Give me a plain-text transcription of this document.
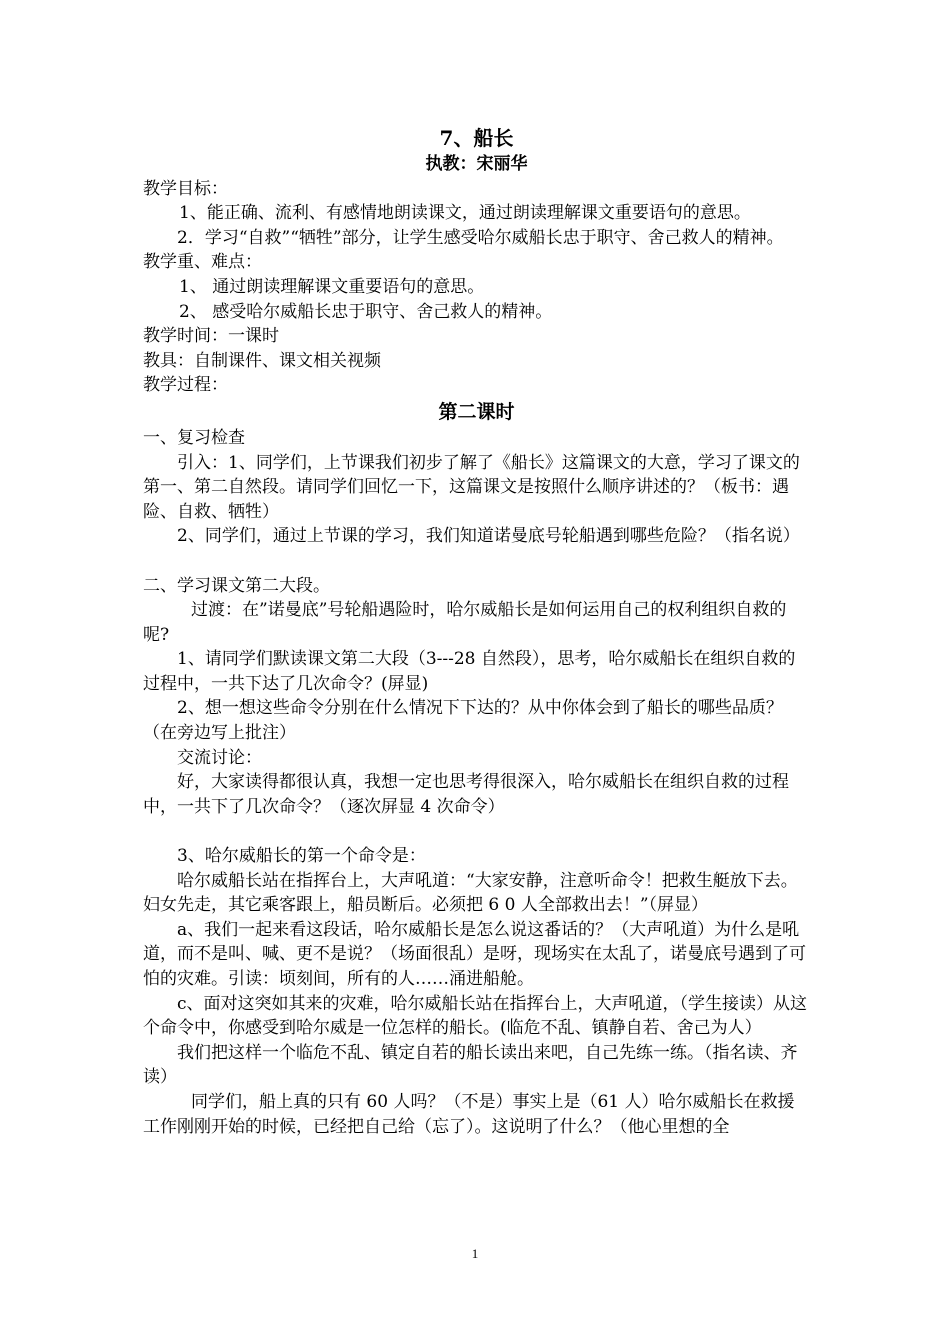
7、船长

执教：宋丽华

教学目标：

1、能正确、流利、有感情地朗读课文，通过朗读理解课文重要语句的意思。

2．学习“自救”“牺牲”部分，让学生感受哈尔威船长忠于职守、舍己救人的精神。

教学重、难点：

1、 通过朗读理解课文重要语句的意思。

2、 感受哈尔威船长忠于职守、舍己救人的精神。

教学时间：一课时

教具：自制课件、课文相关视频

教学过程：

第二课时

一、复习检查

引入：1、同学们，上节课我们初步了解了《船长》这篇课文的大意，学习了课文的第一、第二自然段。请同学们回忆一下，这篇课文是按照什么顺序讲述的？（板书：遇险、自救、牺牲）

2、同学们，通过上节课的学习，我们知道诺曼底号轮船遇到哪些危险？（指名说）

二、学习课文第二大段。

过渡：在”诺曼底”号轮船遇险时，哈尔威船长是如何运用自己的权利组织自救的呢?

1、请同学们默读课文第二大段（3---28 自然段），思考，哈尔威船长在组织自救的过程中，一共下达了几次命令？(屏显)

2、想一想这些命令分别在什么情况下下达的？从中你体会到了船长的哪些品质？（在旁边写上批注）

交流讨论：

好，大家读得都很认真，我想一定也思考得很深入，哈尔威船长在组织自救的过程中，一共下了几次命令？（逐次屏显 4 次命令）

3、哈尔威船长的第一个命令是：

哈尔威船长站在指挥台上，大声吼道：“大家安静，注意听命令！把救生艇放下去。妇女先走，其它乘客跟上，船员断后。必须把 6 0 人全部救出去！”（屏显）

a、我们一起来看这段话，哈尔威船长是怎么说这番话的？（大声吼道）为什么是吼道，而不是叫、喊、更不是说？（场面很乱）是呀，现场实在太乱了，诺曼底号遇到了可怕的灾难。引读：顷刻间，所有的人……涌进船舱。

c、面对这突如其来的灾难，哈尔威船长站在指挥台上，大声吼道，（学生接读）从这个命令中，你感受到哈尔威是一位怎样的船长。(临危不乱、镇静自若、舍己为人）

我们把这样一个临危不乱、镇定自若的船长读出来吧，自己先练一练。（指名读、齐读）

同学们，船上真的只有 60 人吗？（不是）事实上是（61 人）哈尔威船长在救援工作刚刚开始的时候，已经把自己给（忘了）。这说明了什么？（他心里想的全

1
